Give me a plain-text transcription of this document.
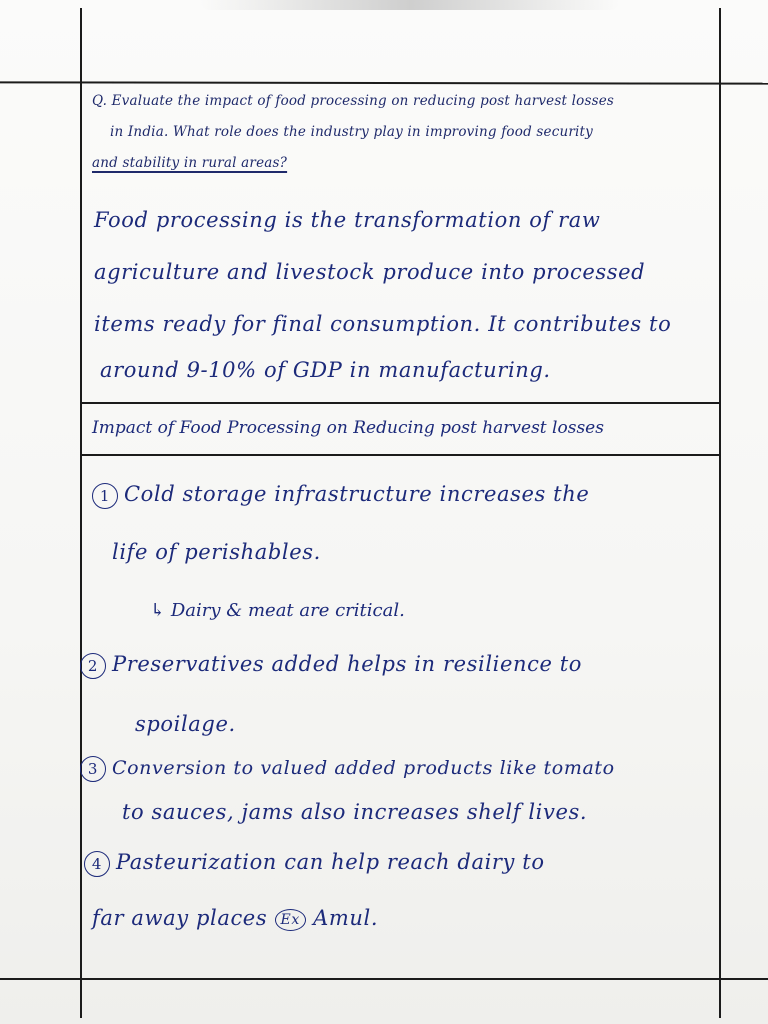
Q. Evaluate the impact of food processing on reducing post harvest losses
in India. What role does the industry play in improving food security
and stability in rural areas?
Food processing is the transformation of raw
agriculture and livestock produce into processed
items ready for final consumption. It contributes to
around 9-10% of GDP in manufacturing.
Impact of Food Processing on Reducing post harvest losses
1 Cold storage infrastructure increases the
life of perishables.
↳ Dairy & meat are critical.
2 Preservatives added helps in resilience to
spoilage.
3 Conversion to valued added products like tomato
to sauces, jams also increases shelf lives.
4 Pasteurization can help reach dairy to
far away places Ex Amul.
